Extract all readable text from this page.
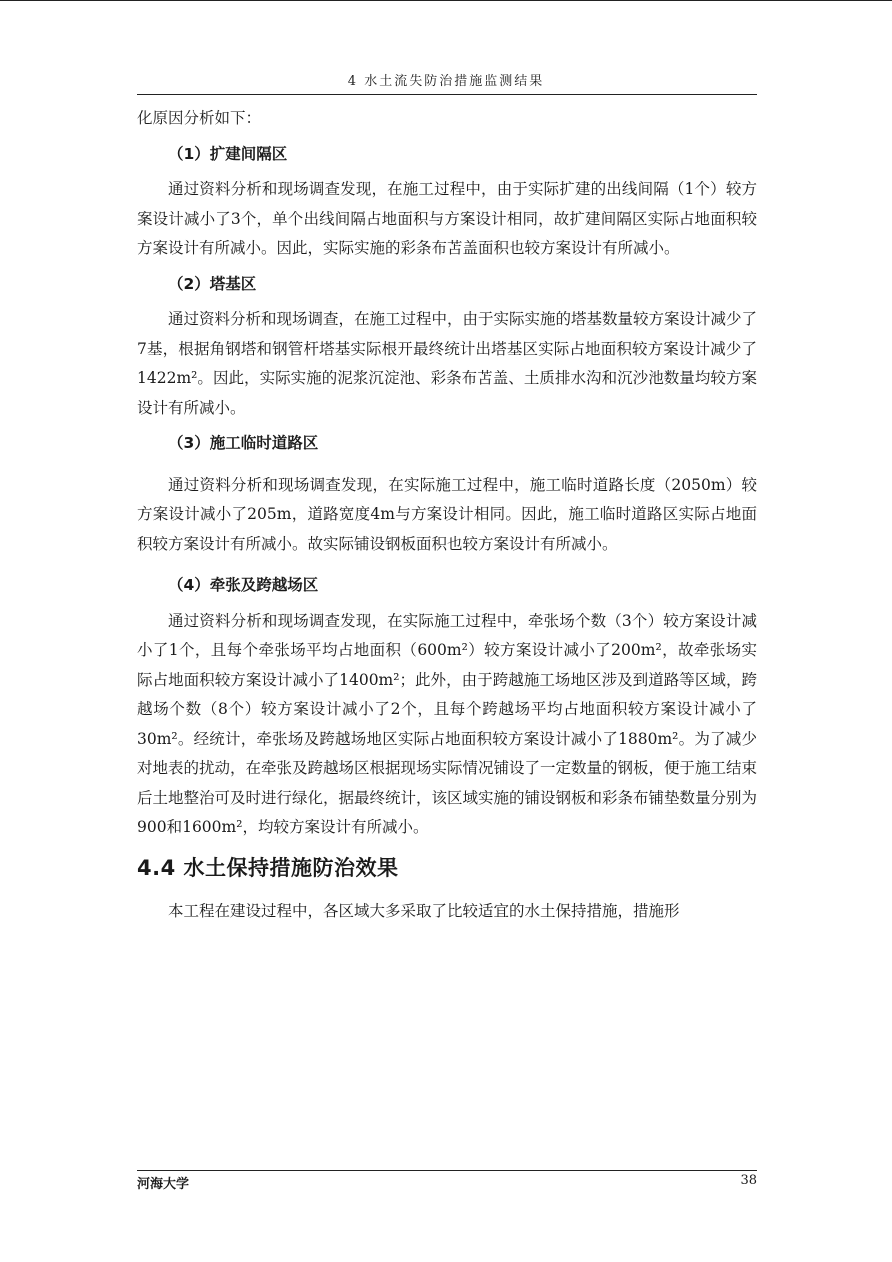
4 水土流失防治措施监测结果

化原因分析如下：

（1）扩建间隔区

通过资料分析和现场调查发现，在施工过程中，由于实际扩建的出线间隔（1个）较方案设计减小了3个，单个出线间隔占地面积与方案设计相同，故扩建间隔区实际占地面积较方案设计有所减小。因此，实际实施的彩条布苫盖面积也较方案设计有所减小。

（2）塔基区

通过资料分析和现场调查，在施工过程中，由于实际实施的塔基数量较方案设计减少了7基，根据角钢塔和钢管杆塔基实际根开最终统计出塔基区实际占地面积较方案设计减少了1422m²。因此，实际实施的泥浆沉淀池、彩条布苫盖、土质排水沟和沉沙池数量均较方案设计有所减小。

（3）施工临时道路区

通过资料分析和现场调查发现，在实际施工过程中，施工临时道路长度（2050m）较方案设计减小了205m，道路宽度4m与方案设计相同。因此，施工临时道路区实际占地面积较方案设计有所减小。故实际铺设钢板面积也较方案设计有所减小。

（4）牵张及跨越场区

通过资料分析和现场调查发现，在实际施工过程中，牵张场个数（3个）较方案设计减小了1个，且每个牵张场平均占地面积（600m²）较方案设计减小了200m²，故牵张场实际占地面积较方案设计减小了1400m²；此外，由于跨越施工场地区涉及到道路等区域，跨越场个数（8个）较方案设计减小了2个，且每个跨越场平均占地面积较方案设计减小了30m²。经统计，牵张场及跨越场地区实际占地面积较方案设计减小了1880m²。为了减少对地表的扰动，在牵张及跨越场区根据现场实际情况铺设了一定数量的钢板，便于施工结束后土地整治可及时进行绿化，据最终统计，该区域实施的铺设钢板和彩条布铺垫数量分别为900和1600m²，均较方案设计有所减小。

4.4 水土保持措施防治效果

本工程在建设过程中，各区域大多采取了比较适宜的水土保持措施，措施形

河海大学	38
